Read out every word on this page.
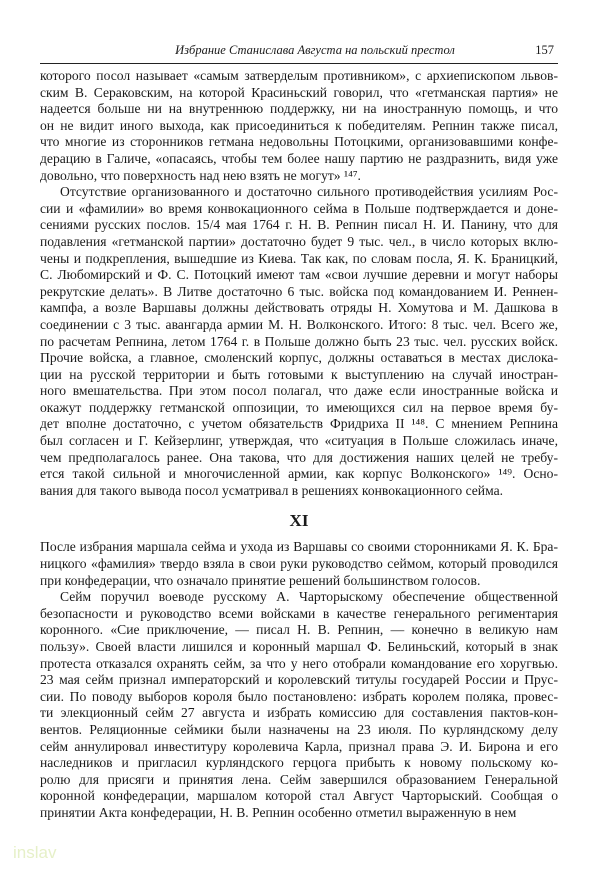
Избрание Станислава Августа на польский престол	157
которого посол называет «самым затверделым противником», с архиепископом львов-
ским В. Сераковским, на которой Красиньский говорил, что «гетманская партия» не
надеется больше ни на внутреннюю поддержку, ни на иностранную помощь, и что
он не видит иного выхода, как присоединиться к победителям. Репнин также писал,
что многие из сторонников гетмана недовольны Потоцкими, организовавшими конфе-
дерацию в Галиче, «опасаясь, чтобы тем более нашу партию не раздразнить, видя уже
довольно, что поверхность над нею взять не могут» ¹⁴⁷.
Отсутствие организованного и достаточно сильного противодействия усилиям Рос-
сии и «фамилии» во время конвокационного сейма в Польше подтверждается и доне-
сениями русских послов. 15/4 мая 1764 г. Н. В. Репнин писал Н. И. Панину, что для
подавления «гетманской партии» достаточно будет 9 тыс. чел., в число которых вклю-
чены и подкрепления, вышедшие из Киева. Так как, по словам посла, Я. К. Браницкий,
С. Любомирский и Ф. С. Потоцкий имеют там «свои лучшие деревни и могут наборы
рекрутские делать». В Литве достаточно 6 тыс. войска под командованием И. Реннен-
кампфа, а возле Варшавы должны действовать отряды Н. Хомутова и М. Дашкова в
соединении с 3 тыс. авангарда армии М. Н. Волконского. Итого: 8 тыс. чел. Всего же,
по расчетам Репнина, летом 1764 г. в Польше должно быть 23 тыс. чел. русских войск.
Прочие войска, а главное, смоленский корпус, должны оставаться в местах дислока-
ции на русской территории и быть готовыми к выступлению на случай иностран-
ного вмешательства. При этом посол полагал, что даже если иностранные войска и
окажут поддержку гетманской оппозиции, то имеющихся сил на первое время бу-
дет вполне достаточно, с учетом обязательств Фридриха II ¹⁴⁸. С мнением Репнина
был согласен и Г. Кейзерлинг, утверждая, что «ситуация в Польше сложилась иначе,
чем предполагалось ранее. Она такова, что для достижения наших целей не требу-
ется такой сильной и многочисленной армии, как корпус Волконского» ¹⁴⁹. Осно-
вания для такого вывода посол усматривал в решениях конвокационного сейма.
XI
После избрания маршала сейма и ухода из Варшавы со своими сторонниками Я. К. Бра-
ницкого «фамилия» твердо взяла в свои руки руководство сеймом, который проводился
при конфедерации, что означало принятие решений большинством голосов.
Сейм поручил воеводе русскому А. Чарторыскому обеспечение общественной
безопасности и руководство всеми войсками в качестве генерального региментария
коронного. «Сие приключение, — писал Н. В. Репнин, — конечно в великую нам
пользу». Своей власти лишился и коронный маршал Ф. Белиньский, который в знак
протеста отказался охранять сейм, за что у него отобрали командование его хоругвью.
23 мая сейм признал императорский и королевский титулы государей России и Прус-
сии. По поводу выборов короля было постановлено: избрать королем поляка, провес-
ти элекционный сейм 27 августа и избрать комиссию для составления пактов-кон-
вентов. Реляционные сеймики были назначены на 23 июля. По курляндскому делу
сейм аннулировал инвеституру королевича Карла, признал права Э. И. Бирона и его
наследников и пригласил курляндского герцога прибыть к новому польскому ко-
ролю для присяги и принятия лена. Сейм завершился образованием Генеральной
коронной конфедерации, маршалом которой стал Август Чарторыский. Сообщая о
принятии Акта конфедерации, Н. В. Репнин особенно отметил выраженную в нем
inslav
